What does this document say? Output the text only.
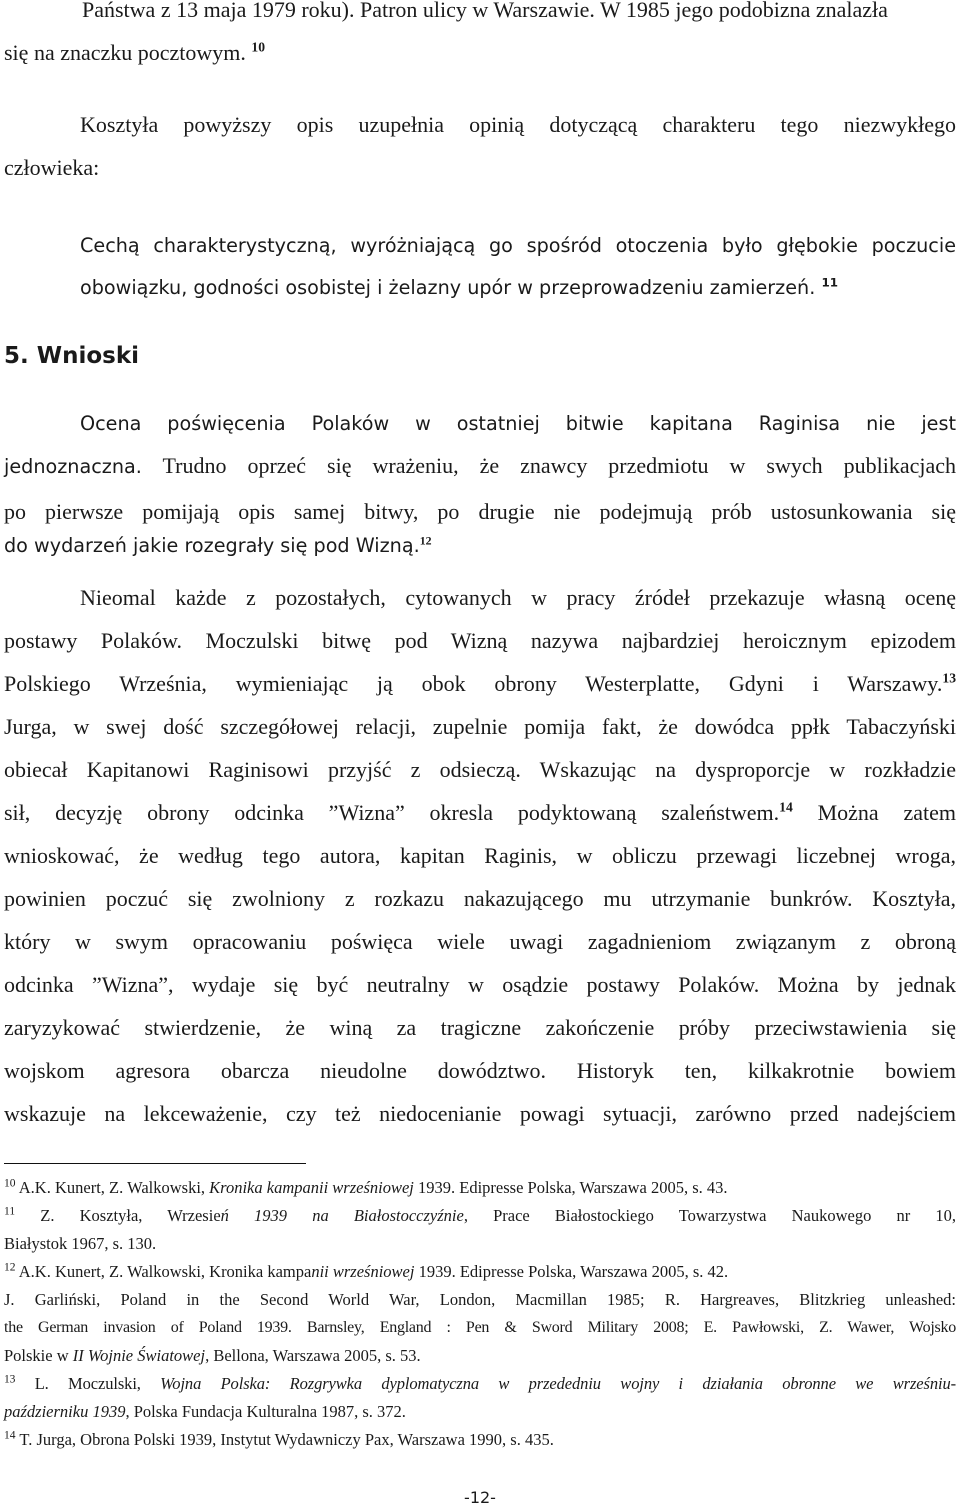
Państwa z 13 maja 1979 roku). Patron ulicy w Warszawie. W 1985 jego podobizna znalazła
się na znaczku pocztowym. $^{10}$
Kosztyła powyższy opis uzupełnia opinią dotyczącą charakteru tego niezwykłego
człowieka:
Cechą charakterystyczną, wyróżniającą go spośród otoczenia było głębokie poczucie
obowiązku, godności osobistej i żelazny upór w przeprowadzeniu zamierzeń. $^{11}$
5. Wnioski
Ocena poświęcenia Polaków w ostatniej bitwie kapitana Raginisa nie jest
jednoznaczna. Trudno oprzeć się wrażeniu, że znawcy przedmiotu w swych publikacjach
po pierwsze pomijają opis samej bitwy, po drugie nie podejmują prób ustosunkowania się
do wydarzeń jakie rozegrały się pod Wizną.$^{12}$
Nieomal każde z pozostałych, cytowanych w pracy źródeł przekazuje własną ocenę
postawy Polaków. Moczulski bitwę pod Wizną nazywa najbardziej heroicznym epizodem
Polskiego Września, wymieniając ją obok obrony Westerplatte, Gdyni i Warszawy.$^{13}$
Jurga, w swej dość szczegółowej relacji, zupelnie pomija fakt, że dowódca ppłk Tabaczyński
obiecał Kapitanowi Raginisowi przyjść z odsieczą. Wskazując na dysproporcje w rozkładzie
sił, decyzję obrony odcinka ”Wizna” okresla podyktowaną szaleństwem.$^{14}$ Można zatem
wnioskować, że według tego autora, kapitan Raginis, w obliczu przewagi liczebnej wroga,
powinien poczuć się zwolniony z rozkazu nakazującego mu utrzymanie bunkrów. Kosztyła,
który w swym opracowaniu poświęca wiele uwagi zagadnieniom związanym z obroną
odcinka ”Wizna”, wydaje się być neutralny w osądzie postawy Polaków. Można by jednak
zaryzykować stwierdzenie, że winą za tragiczne zakończenie próby przeciwstawienia się
wojskom agresora obarcza nieudolne dowództwo. Historyk ten, kilkakrotnie bowiem
wskazuje na lekceważenie, czy też niedocenianie powagi sytuacji, zarówno przed nadejściem
$^{10}$ A.K. Kunert, Z. Walkowski, Kronika kampanii wrześniowej 1939. Edipresse Polska, Warszawa 2005, s. 43.
$^{11}$ Z. Kosztyła, Wrzesień 1939 na Białostocczyźnie, Prace Białostockiego Towarzystwa Naukowego nr 10,
Białystok 1967, s. 130.
$^{12}$ A.K. Kunert, Z. Walkowski, Kronika kampanii wrześniowej 1939. Edipresse Polska, Warszawa 2005, s. 42.
J. Garliński, Poland in the Second World War, London, Macmillan 1985; R. Hargreaves, Blitzkrieg unleashed:
the German invasion of Poland 1939. Barnsley, England : Pen & Sword Military 2008; E. Pawłowski, Z. Wawer, Wojsko
Polskie w II Wojnie Światowej, Bellona, Warszawa 2005, s. 53.
$^{13}$ L. Moczulski, Wojna Polska: Rozgrywka dyplomatyczna w przededniu wojny i działania obronne we wrześniu-
październiku 1939, Polska Fundacja Kulturalna 1987, s. 372.
$^{14}$ T. Jurga, Obrona Polski 1939, Instytut Wydawniczy Pax, Warszawa 1990, s. 435.
-12-
